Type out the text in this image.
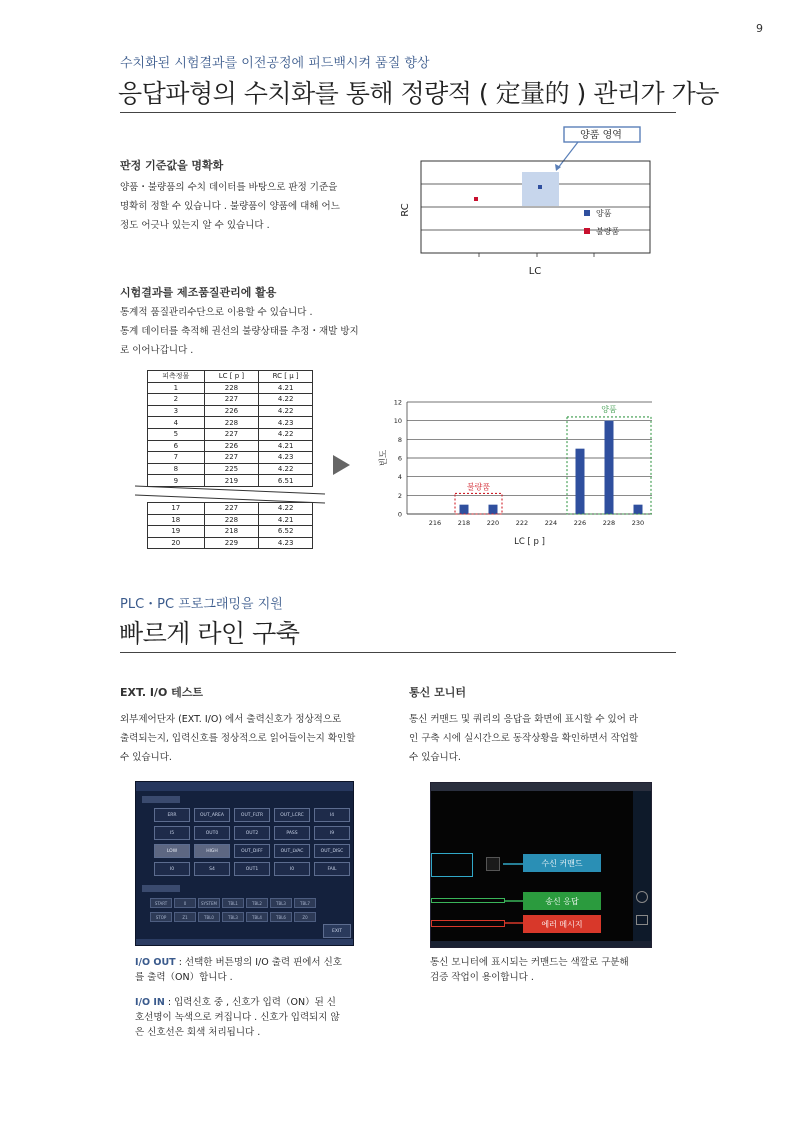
9
수치화된 시험결과를 이전공정에 피드백시켜 품질 향상
응답파형의 수치화를 통해 정량적 ( 定量的 ) 관리가 가능
판정 기준값을 명확화
양품・불량품의 수치 데이터를 바탕으로 판정 기준을
명확히 정할 수 있습니다 . 불량품이 양품에 대해 어느
정도 어긋나 있는지 알 수 있습니다 .
양품 영역
양품
불량품
RC
LC
시험결과를 제조품질관리에 활용
통계적 품질관리수단으로 이용할 수 있습니다 .
통계 데이터를 축적해 권선의 불량상태를 추정・재발 방지
로 이어나갑니다 .
피측정물	LC [ p ]	RC [ μ ]
1	228	4.21
2	227	4.22
3	226	4.22
4	228	4.23
5	227	4.22
6	226	4.21
7	227	4.23
8	225	4.22
9	219	6.51
17	227	4.22
18	228	4.21
19	218	6.52
20	229	4.23
0
2
4
6
8
10
12
216	218	220	222	224	226	228	230
불량품
양품
LC [ p ]
빈도
PLC・PC 프로그래밍을 지원
빠르게 라인 구축
EXT. I/O 테스트
외부제어단자 (EXT. I/O) 에서 출력신호가 정상적으로
출력되는지, 입력신호를 정상적으로 읽어들이는지 확인할
수 있습니다.
통신 모니터
통신 커맨드 및 쿼리의 응답을 화면에 표시할 수 있어 라
인 구축 시에 실시간으로 동작상황을 확인하면서 작업할
수 있습니다.
ERR	OUT_AREA	OUT_FLTR	OUT_LCRC	I4
I5	OUT0	OUT2	PASS	I9
LOW	HIGH	OUT_DIFF	OUT_LVAC	OUT_DISC
I0	S4	OUT1	I0	FAIL
START	0	SYSTEM	TBL1	TBL2	TBL3	TBL7
STOP	Z1	TBL0	TBL3	TBL4	TBL6	Z0
EXIT
수신 커맨드
송신 응답
에러 메시지
I/O OUT : 선택한 버튼명의 I/O 출력 핀에서 신호
를 출력（ON）합니다 .
I/O IN : 입력신호 중 , 신호가 입력（ON）된 신
호선명이 녹색으로 켜집니다 . 신호가 입력되지 않
은 신호선은 회색 처리됩니다 .
통신 모니터에 표시되는 커맨드는 색깔로 구분해
검증 작업이 용이합니다 .
